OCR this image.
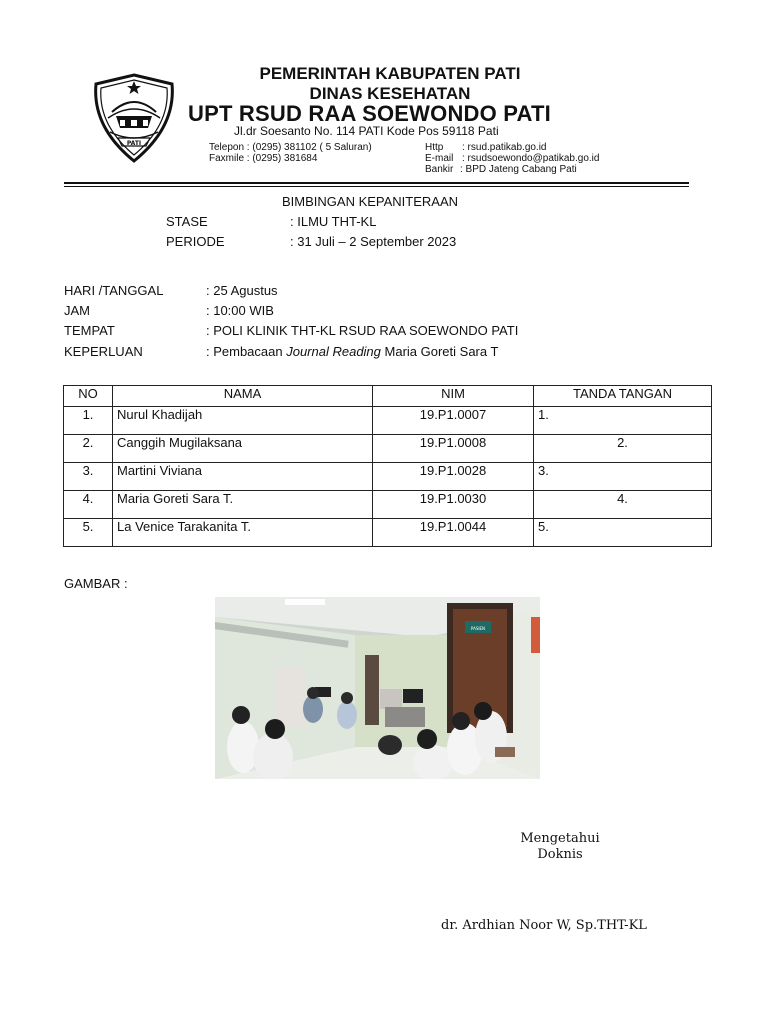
PATI
PEMERINTAH KABUPATEN PATI
DINAS KESEHATAN
UPT RSUD RAA SOEWONDO PATI
Jl.dr Soesanto No. 114 PATI Kode Pos 59118 Pati
Telepon : (0295) 381102 ( 5 Saluran)
Faxmile : (0295) 381684
Http : rsud.patikab.go.id
E-mail : rsudsoewondo@patikab.go.id
Bankir : BPD Jateng Cabang Pati
BIMBINGAN KEPANITERAAN
STASE	: ILMU THT-KL
PERIODE	: 31 Juli – 2 September 2023
HARI /TANGGAL	: 25 Agustus
JAM	: 10:00 WIB
TEMPAT	: POLI KLINIK THT-KL RSUD RAA SOEWONDO PATI
KEPERLUAN	: Pembacaan Journal Reading Maria Goreti Sara T
NO	NAMA	NIM	TANDA TANGAN
1.	Nurul Khadijah	19.P1.0007	1.
2.	Canggih Mugilaksana	19.P1.0008	2.
3.	Martini Viviana	19.P1.0028	3.
4.	Maria Goreti Sara T.	19.P1.0030	4.
5.	La Venice Tarakanita T.	19.P1.0044	5.
GAMBAR :
PASIEN
Mengetahui
Doknis
dr. Ardhian Noor W, Sp.THT-KL
